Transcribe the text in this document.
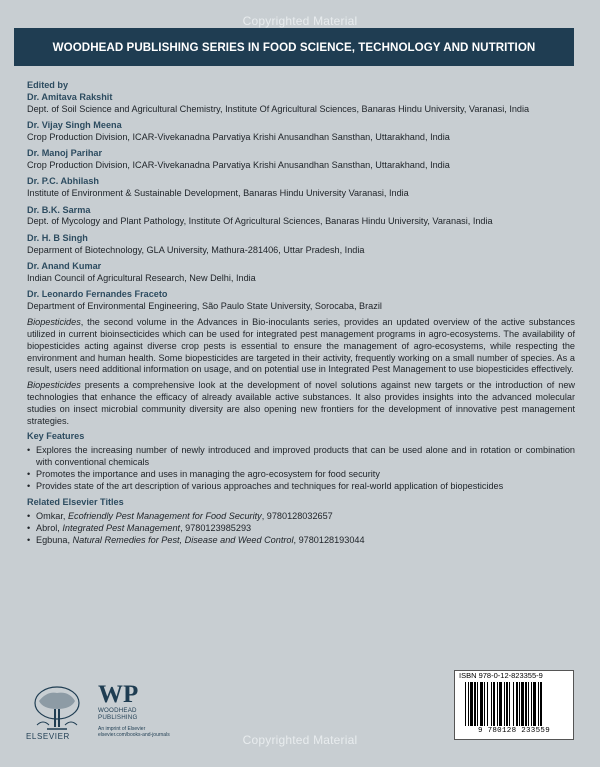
Copyrighted Material
WOODHEAD PUBLISHING SERIES IN FOOD SCIENCE, TECHNOLOGY AND NUTRITION
Edited by
Dr. Amitava Rakshit
Dept. of Soil Science and Agricultural Chemistry, Institute Of Agricultural Sciences, Banaras Hindu University, Varanasi, India
Dr. Vijay Singh Meena
Crop Production Division, ICAR-Vivekanadna Parvatiya Krishi Anusandhan Sansthan, Uttarakhand, India
Dr. Manoj Parihar
Crop Production Division, ICAR-Vivekanadna Parvatiya Krishi Anusandhan Sansthan, Uttarakhand, India
Dr. P.C. Abhilash
Institute of Environment & Sustainable Development, Banaras Hindu University Varanasi, India
Dr. B.K. Sarma
Dept. of Mycology and Plant Pathology, Institute Of Agricultural Sciences, Banaras Hindu University, Varanasi, India
Dr. H. B Singh
Deparment of Biotechnology, GLA University, Mathura-281406, Uttar Pradesh, India
Dr. Anand Kumar
Indian Council of Agricultural Research, New Delhi, India
Dr. Leonardo Fernandes Fraceto
Department of Environmental Engineering, São Paulo State University, Sorocaba, Brazil

Biopesticides, the second volume in the Advances in Bio-inoculants series, provides an updated overview of the active substances utilized in current bioinsecticides which can be used for integrated pest management programs in agro-ecosystems. The availability of biopesticides acting against diverse crop pests is essential to ensure the management of agro-ecosystems, while respecting the environment and human health. Some biopesticides are targeted in their activity, frequently working on a small number of species. As a result, users need additional information on usage, and on potential use in Integrated Pest Management to use biopesticides effectively.

Biopesticides presents a comprehensive look at the development of novel solutions against new targets or the introduction of new technologies that enhance the efficacy of already available active substances. It also provides insights into the advanced molecular studies on insect microbial community diversity are also opening new frontiers for the development of innovative pest management strategies.

Key Features
• Explores the increasing number of newly introduced and improved products that can be used alone and in rotation or combination with conventional chemicals
• Promotes the importance and uses in managing the agro-ecosystem for food security
• Provides state of the art description of various approaches and techniques for real-world application of biopesticides
Related Elsevier Titles
• Omkar, Ecofriendly Pest Management for Food Security, 9780128032657
• Abrol, Integrated Pest Management, 9780123985293
• Egbuna, Natural Remedies for Pest, Disease and Weed Control, 9780128193044
ELSEVIER
WP
WOODHEAD
PUBLISHING
An imprint of Elsevier
elsevier.com/books-and-journals
ISBN 978-0-12-823355-9
9 780128 233559
Copyrighted Material
